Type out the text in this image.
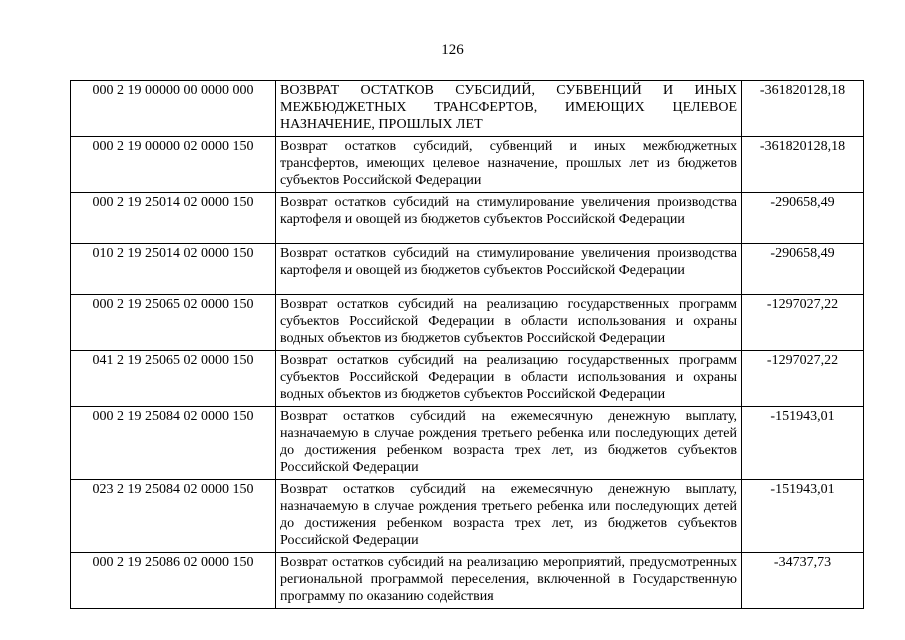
126
000 2 19 00000 00 0000 000	ВОЗВРАТ ОСТАТКОВ СУБСИДИЙ, СУБВЕНЦИЙ И ИНЫХ МЕЖБЮДЖЕТНЫХ ТРАНСФЕРТОВ, ИМЕЮЩИХ ЦЕЛЕВОЕ НАЗНАЧЕНИЕ, ПРОШЛЫХ ЛЕТ	-361820128,18
000 2 19 00000 02 0000 150	Возврат остатков субсидий, субвенций и иных межбюджетных трансфертов, имеющих целевое назначение, прошлых лет из бюджетов субъектов Российской Федерации	-361820128,18
000 2 19 25014 02 0000 150	Возврат остатков субсидий на стимулирование увеличения производства картофеля и овощей из бюджетов субъектов Российской Федерации	-290658,49
010 2 19 25014 02 0000 150	Возврат остатков субсидий на стимулирование увеличения производства картофеля и овощей из бюджетов субъектов Российской Федерации	-290658,49
000 2 19 25065 02 0000 150	Возврат остатков субсидий на реализацию государственных программ субъектов Российской Федерации в области использования и охраны водных объектов из бюджетов субъектов Российской Федерации	-1297027,22
041 2 19 25065 02 0000 150	Возврат остатков субсидий на реализацию государственных программ субъектов Российской Федерации в области использования и охраны водных объектов из бюджетов субъектов Российской Федерации	-1297027,22
000 2 19 25084 02 0000 150	Возврат остатков субсидий на ежемесячную денежную выплату, назначаемую в случае рождения третьего ребенка или последующих детей до достижения ребенком возраста трех лет, из бюджетов субъектов Российской Федерации	-151943,01
023 2 19 25084 02 0000 150	Возврат остатков субсидий на ежемесячную денежную выплату, назначаемую в случае рождения третьего ребенка или последующих детей до достижения ребенком возраста трех лет, из бюджетов субъектов Российской Федерации	-151943,01
000 2 19 25086 02 0000 150	Возврат остатков субсидий на реализацию мероприятий, предусмотренных региональной программой переселения, включенной в Государственную программу по оказанию содействия	-34737,73
